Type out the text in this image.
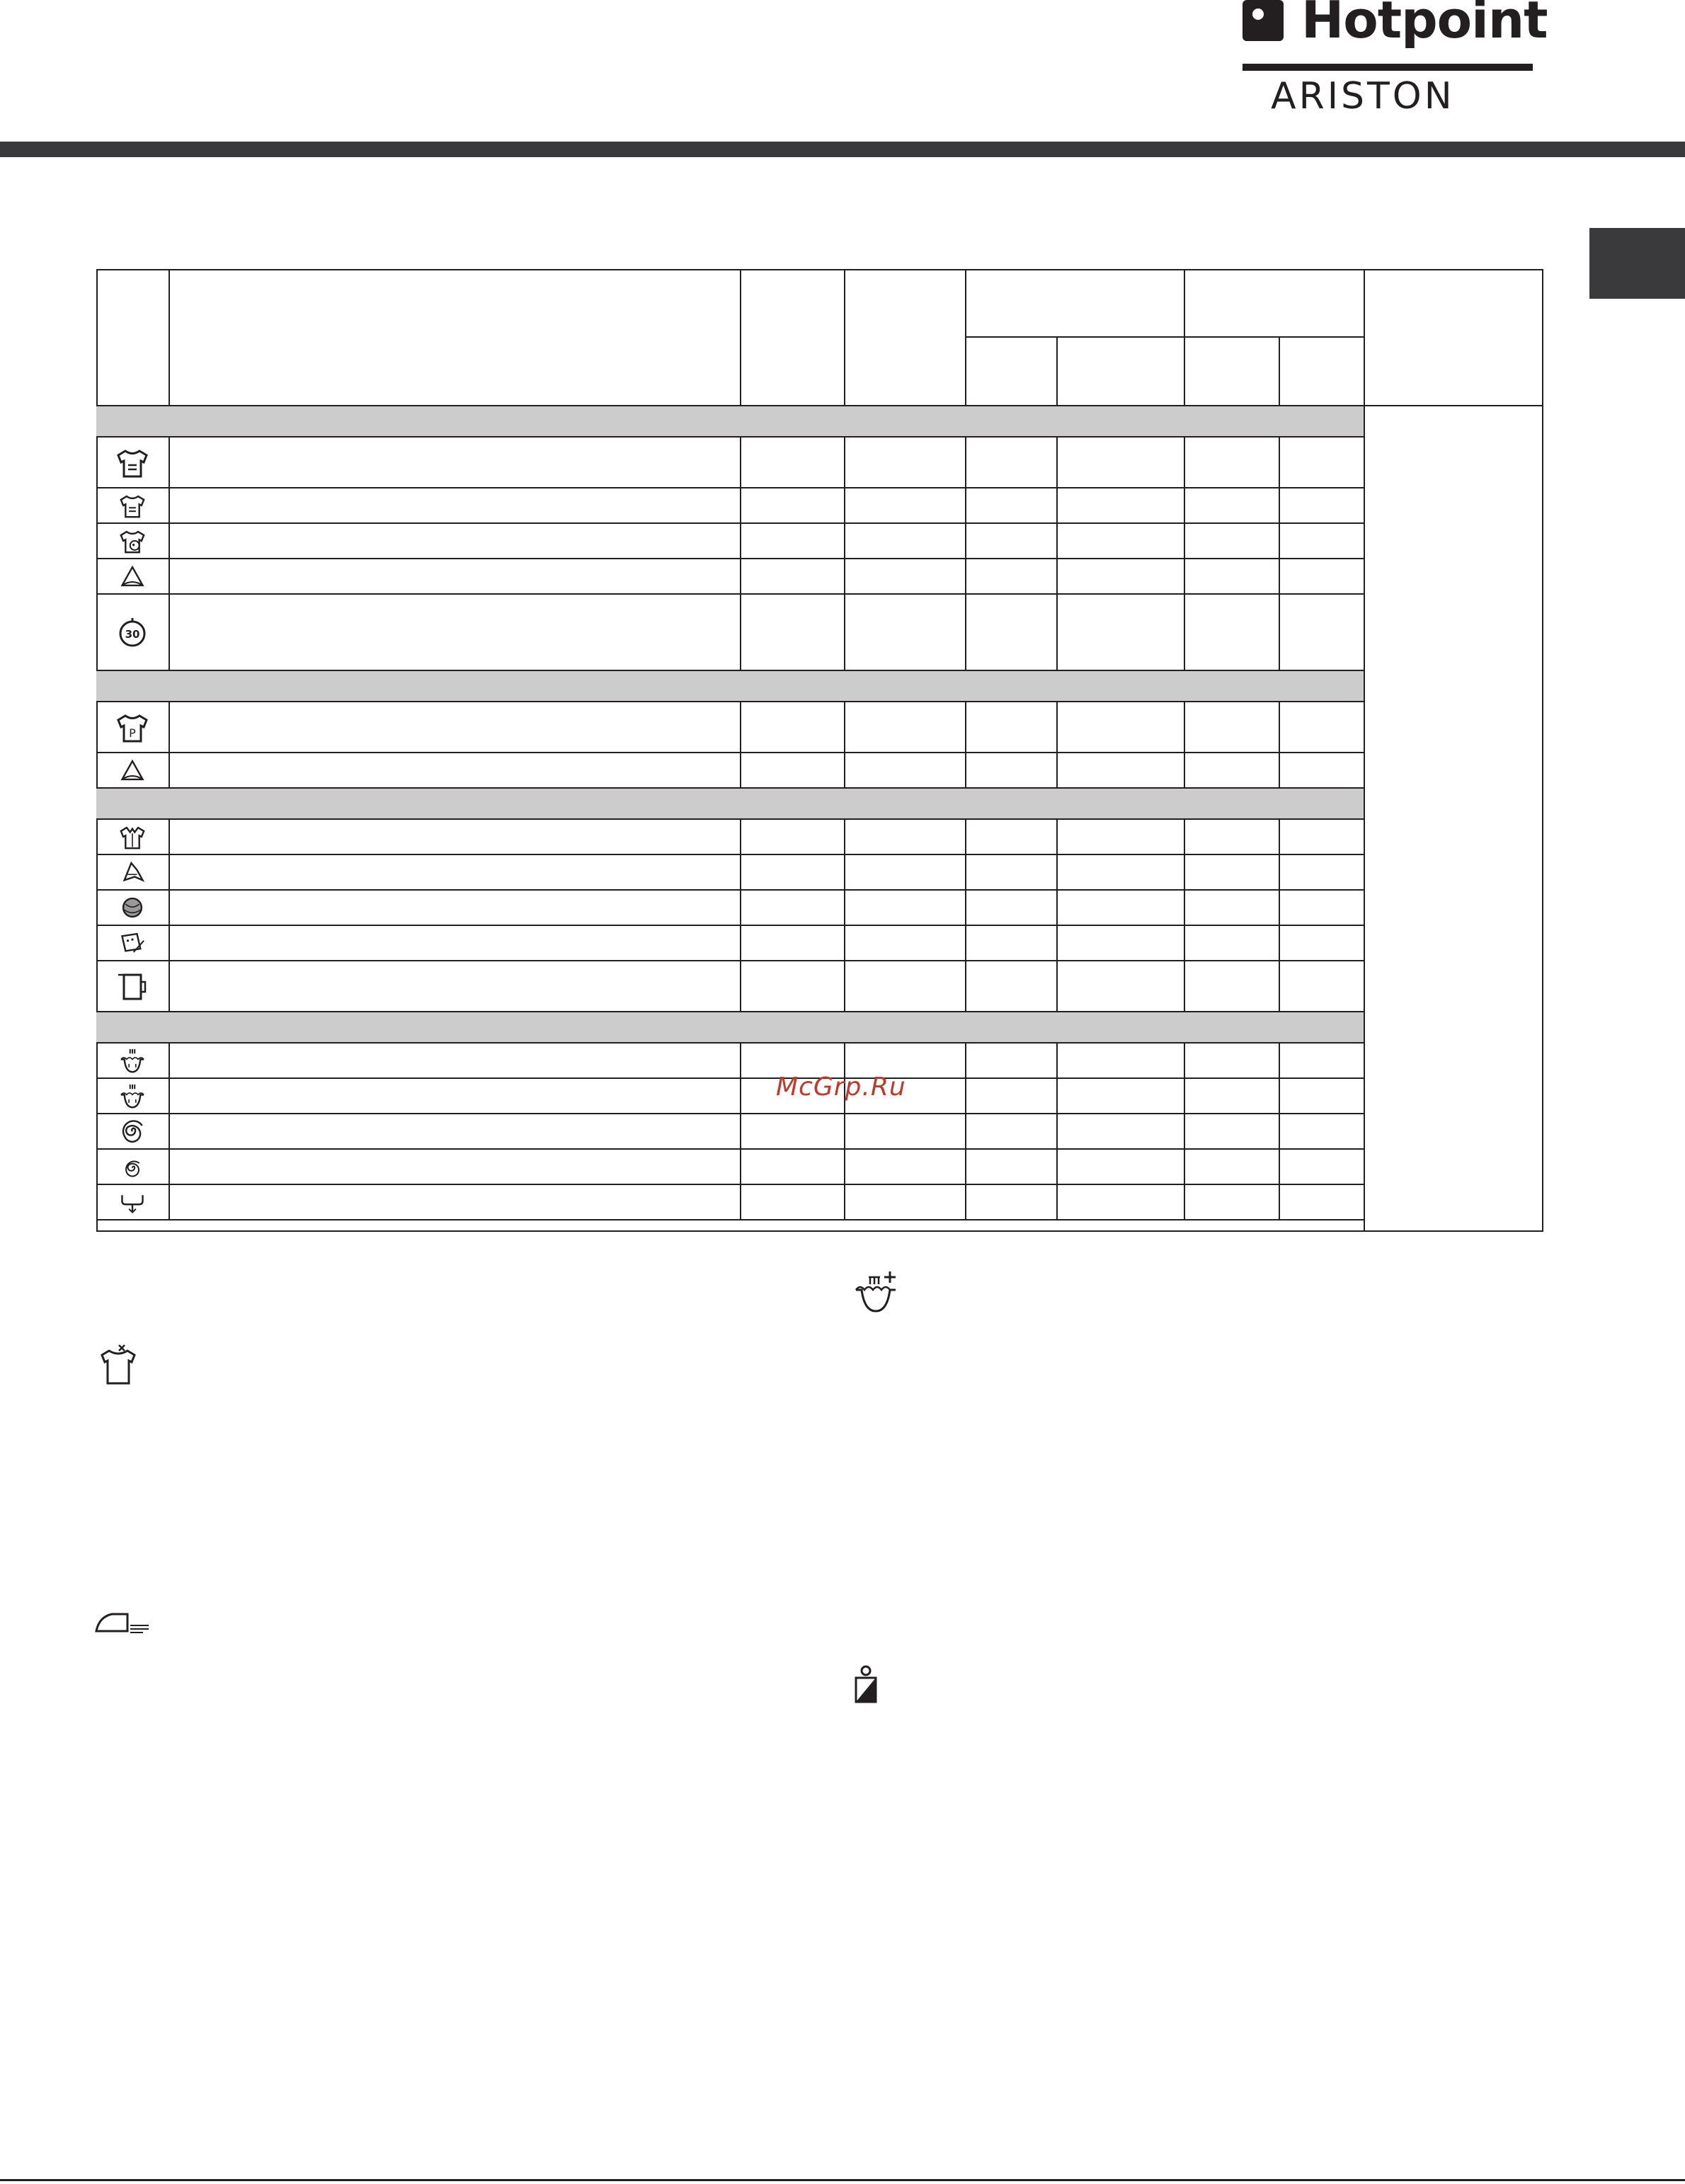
Hotpoint
ARISTON
30
P
McGrp.Ru
